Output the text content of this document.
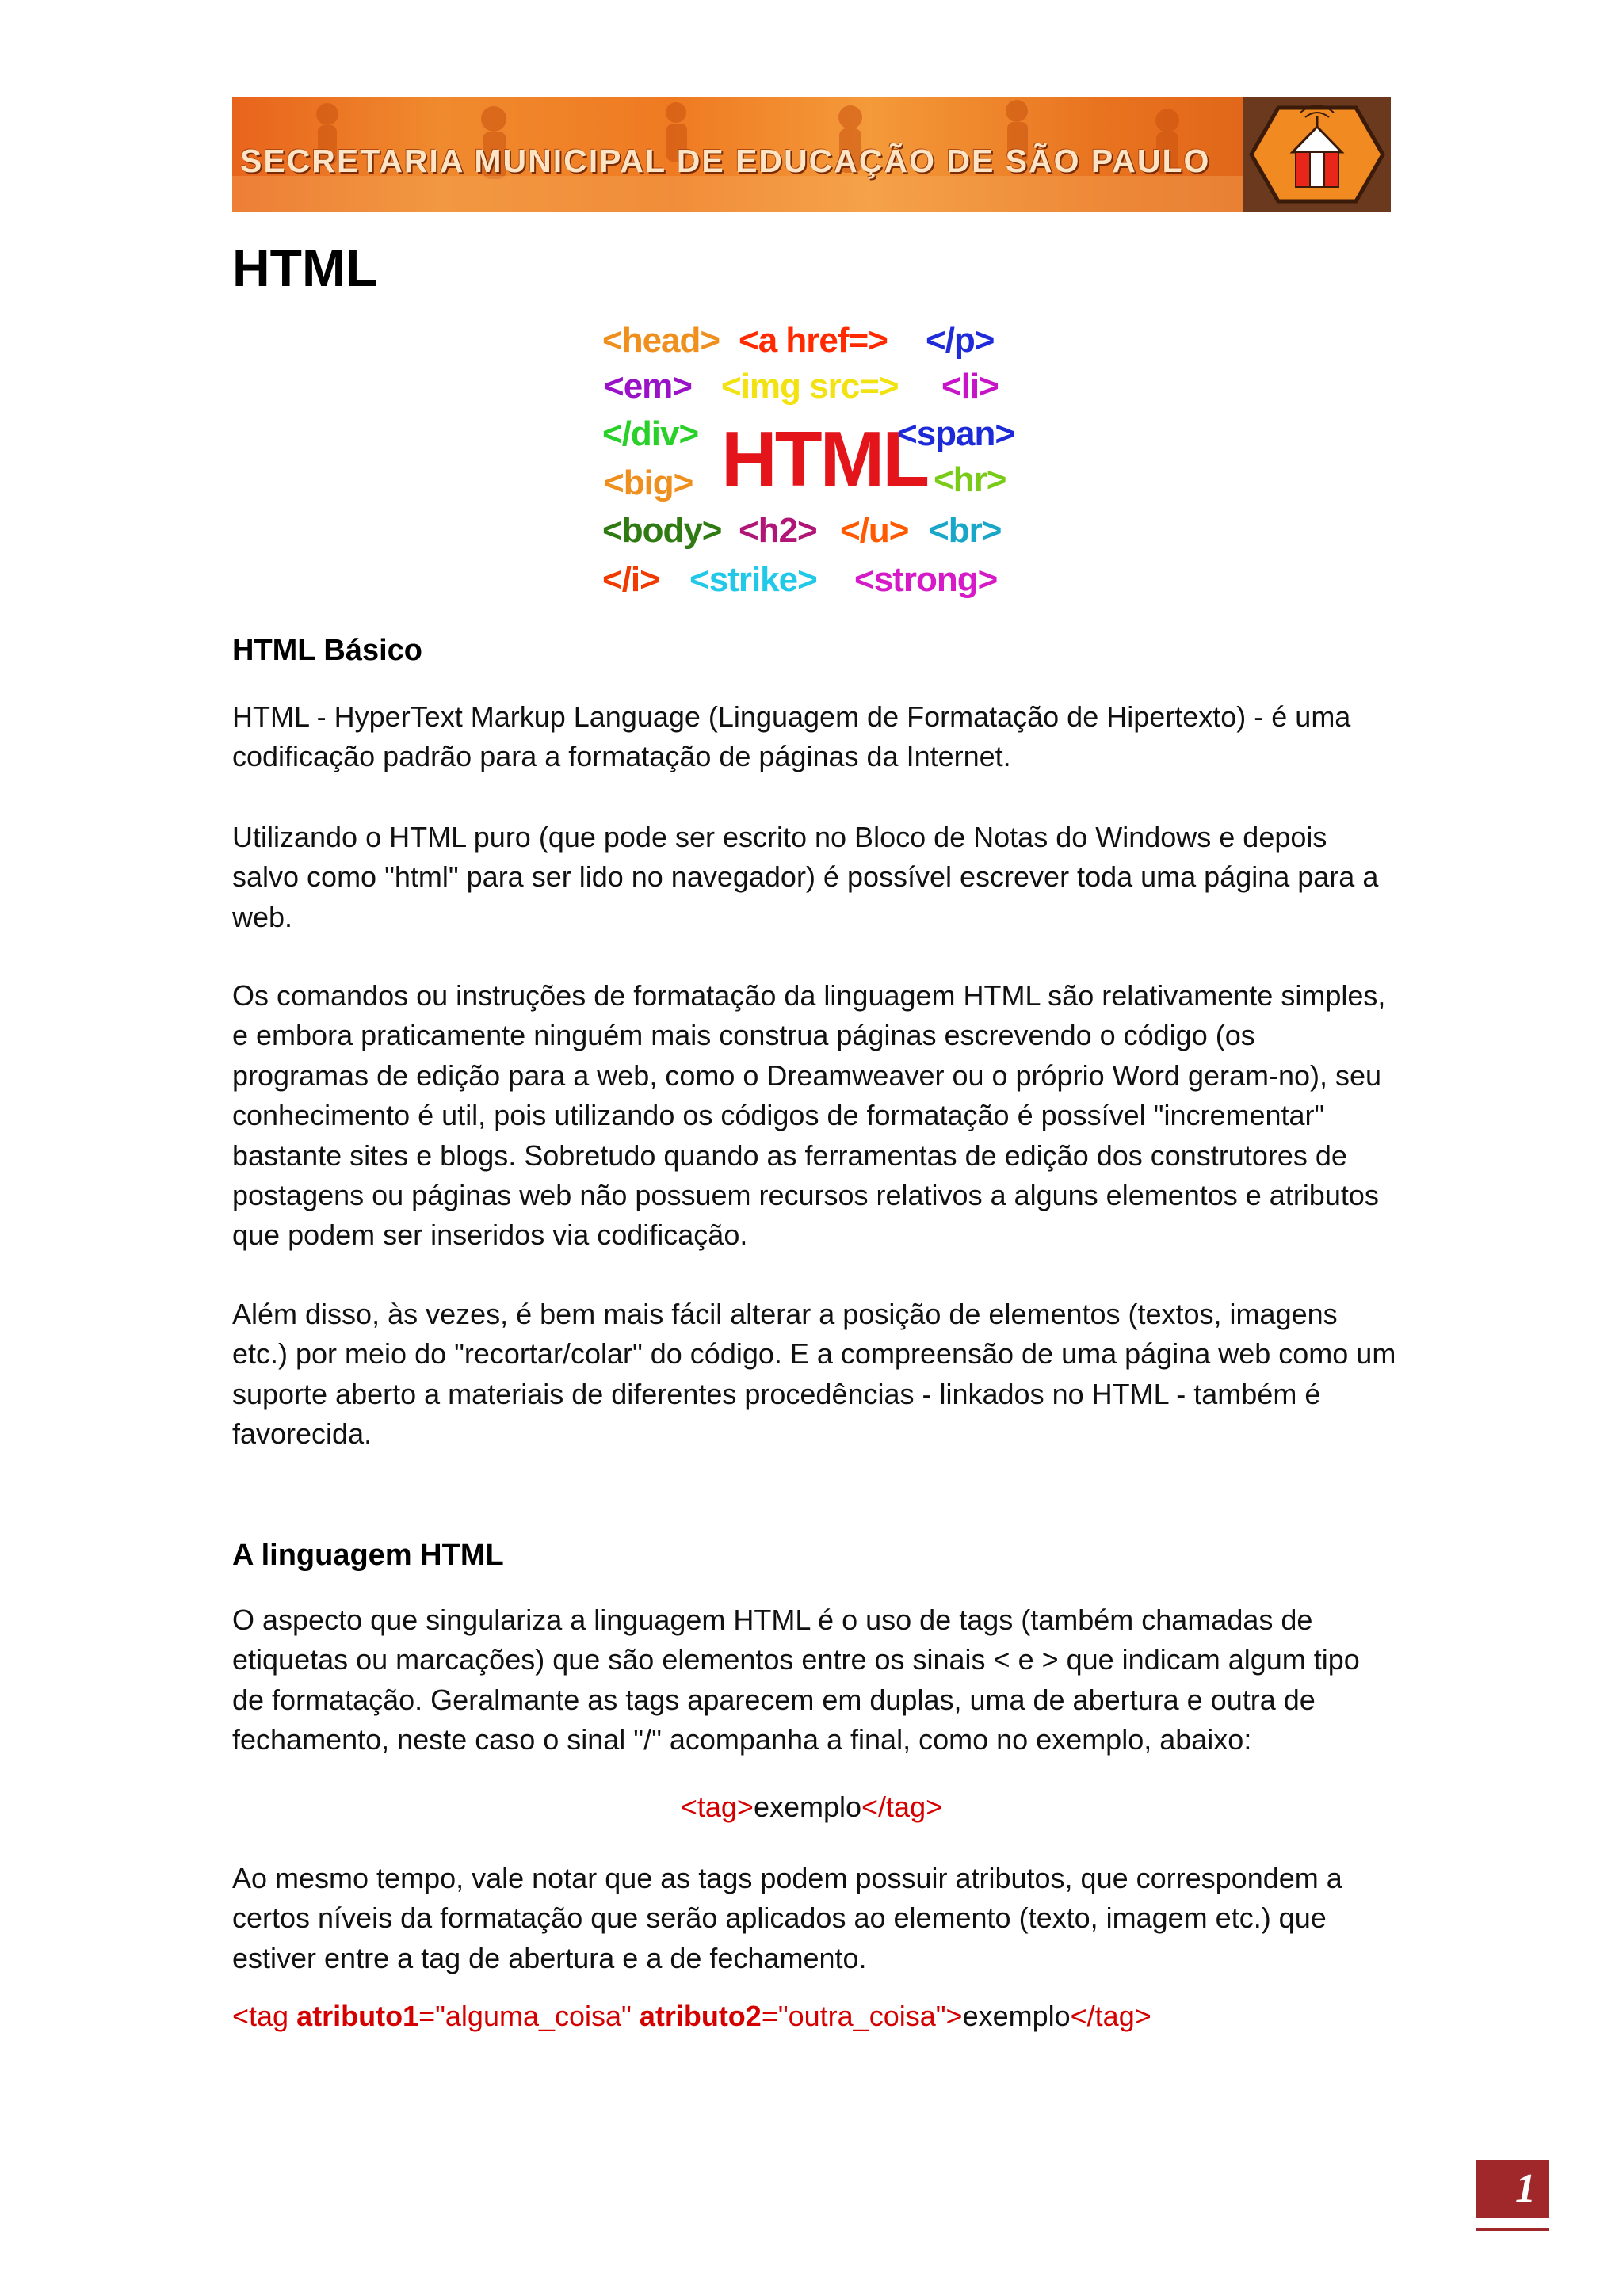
SECRETARIA MUNICIPAL DE EDUCAÇÃO DE SÃO PAULO
HTML
<head> <a href=> </p>
<em> <img src=> <li>
</div> HTML
<span>
<big>	<hr>
<body> <h2> </u> <br>
</i> <strike> <strong>
HTML Básico

HTML - HyperText Markup Language (Linguagem de Formatação de Hipertexto) - é uma codificação padrão para a formatação de páginas da Internet.

Utilizando o HTML puro (que pode ser escrito no Bloco de Notas do Windows e depois salvo como "html" para ser lido no navegador) é possível escrever toda uma página para a web.

Os comandos ou instruções de formatação da linguagem HTML são relativamente simples, e embora praticamente ninguém mais construa páginas escrevendo o código (os programas de edição para a web, como o Dreamweaver ou o próprio Word geram-no), seu conhecimento é util, pois utilizando os códigos de formatação é possível "incrementar" bastante sites e blogs. Sobretudo quando as ferramentas de edição dos construtores de postagens ou páginas web não possuem recursos relativos a alguns elementos e atributos que podem ser inseridos via codificação.

Além disso, às vezes, é bem mais fácil alterar a posição de elementos (textos, imagens etc.) por meio do "recortar/colar" do código. E a compreensão de uma página web como um suporte aberto a materiais de diferentes procedências - linkados no HTML - também é favorecida.

A linguagem HTML

O aspecto que singulariza a linguagem HTML é o uso de tags (também chamadas de etiquetas ou marcações) que são elementos entre os sinais < e > que indicam algum tipo de formatação. Geralmante as tags aparecem em duplas, uma de abertura e outra de fechamento, neste caso o sinal "/" acompanha a final, como no exemplo, abaixo:

<tag>exemplo</tag>

Ao mesmo tempo, vale notar que as tags podem possuir atributos, que correspondem a certos níveis da formatação que serão aplicados ao elemento (texto, imagem etc.) que estiver entre a tag de abertura e a de fechamento.

<tag atributo1="alguma_coisa" atributo2="outra_coisa">exemplo</tag>
1
